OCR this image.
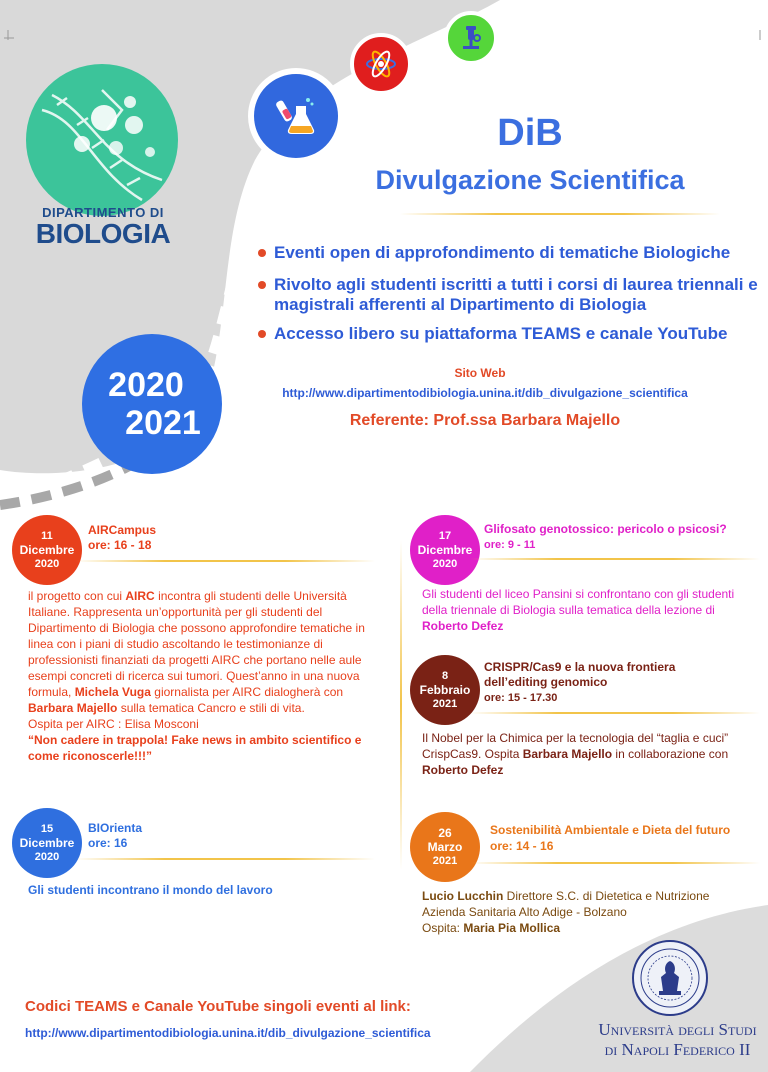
DIPARTIMENTO DI
BIOLOGIA
DiB
Divulgazione Scientifica
Eventi open di approfondimento di tematiche Biologiche
Rivolto agli studenti iscritti a tutti i corsi di laurea triennali e magistrali afferenti al Dipartimento di Biologia
Accesso libero su piattaforma TEAMS e canale YouTube
2020
2021
Sito Web
http://www.dipartimentodibiologia.unina.it/dib_divulgazione_scientifica
Referente: Prof.ssa Barbara Majello
11
Dicembre
2020
AIRCampus
ore: 16 - 18
il progetto con cui AIRC incontra gli studenti delle Università Italiane. Rappresenta un’opportunità per gli studenti del Dipartimento di Biologia che possono approfondire tematiche in linea con i piani di studio ascoltando le testimonianze di professionisti finanziati da progetti AIRC che portano nelle aule esempi concreti di ricerca sui tumori. Quest’anno in una nuova formula, Michela Vuga giornalista per AIRC dialogherà con Barbara Majello sulla tematica Cancro e stili di vita.
Ospita per AIRC : Elisa Mosconi
“Non cadere in trappola! Fake news in ambito scientifico e come riconoscerle!!!”
15
Dicembre
2020
BIOrienta
ore: 16
Gli studenti incontrano il mondo del lavoro
17
Dicembre
2020
Glifosato genotossico: pericolo o psicosi?
ore: 9 - 11
Gli studenti del liceo Pansini si confrontano con gli studenti della triennale di Biologia sulla tematica della lezione di
Roberto Defez
8
Febbraio
2021
CRISPR/Cas9 e la nuova frontiera
dell’editing genomico
ore: 15 - 17.30
Il Nobel per la Chimica per la tecnologia del “taglia e cuci” CrispCas9. Ospita Barbara Majello in collaborazione con
Roberto Defez
26
Marzo
2021
Sostenibilità Ambientale e Dieta del futuro
ore: 14 - 16
Lucio Lucchin Direttore S.C. di Dietetica e Nutrizione
Azienda Sanitaria Alto Adige - Bolzano
Ospita: Maria Pia Mollica
Codici TEAMS e Canale YouTube singoli eventi al link:
http://www.dipartimentodibiologia.unina.it/dib_divulgazione_scientifica	Università degli Studi
di Napoli Federico II
